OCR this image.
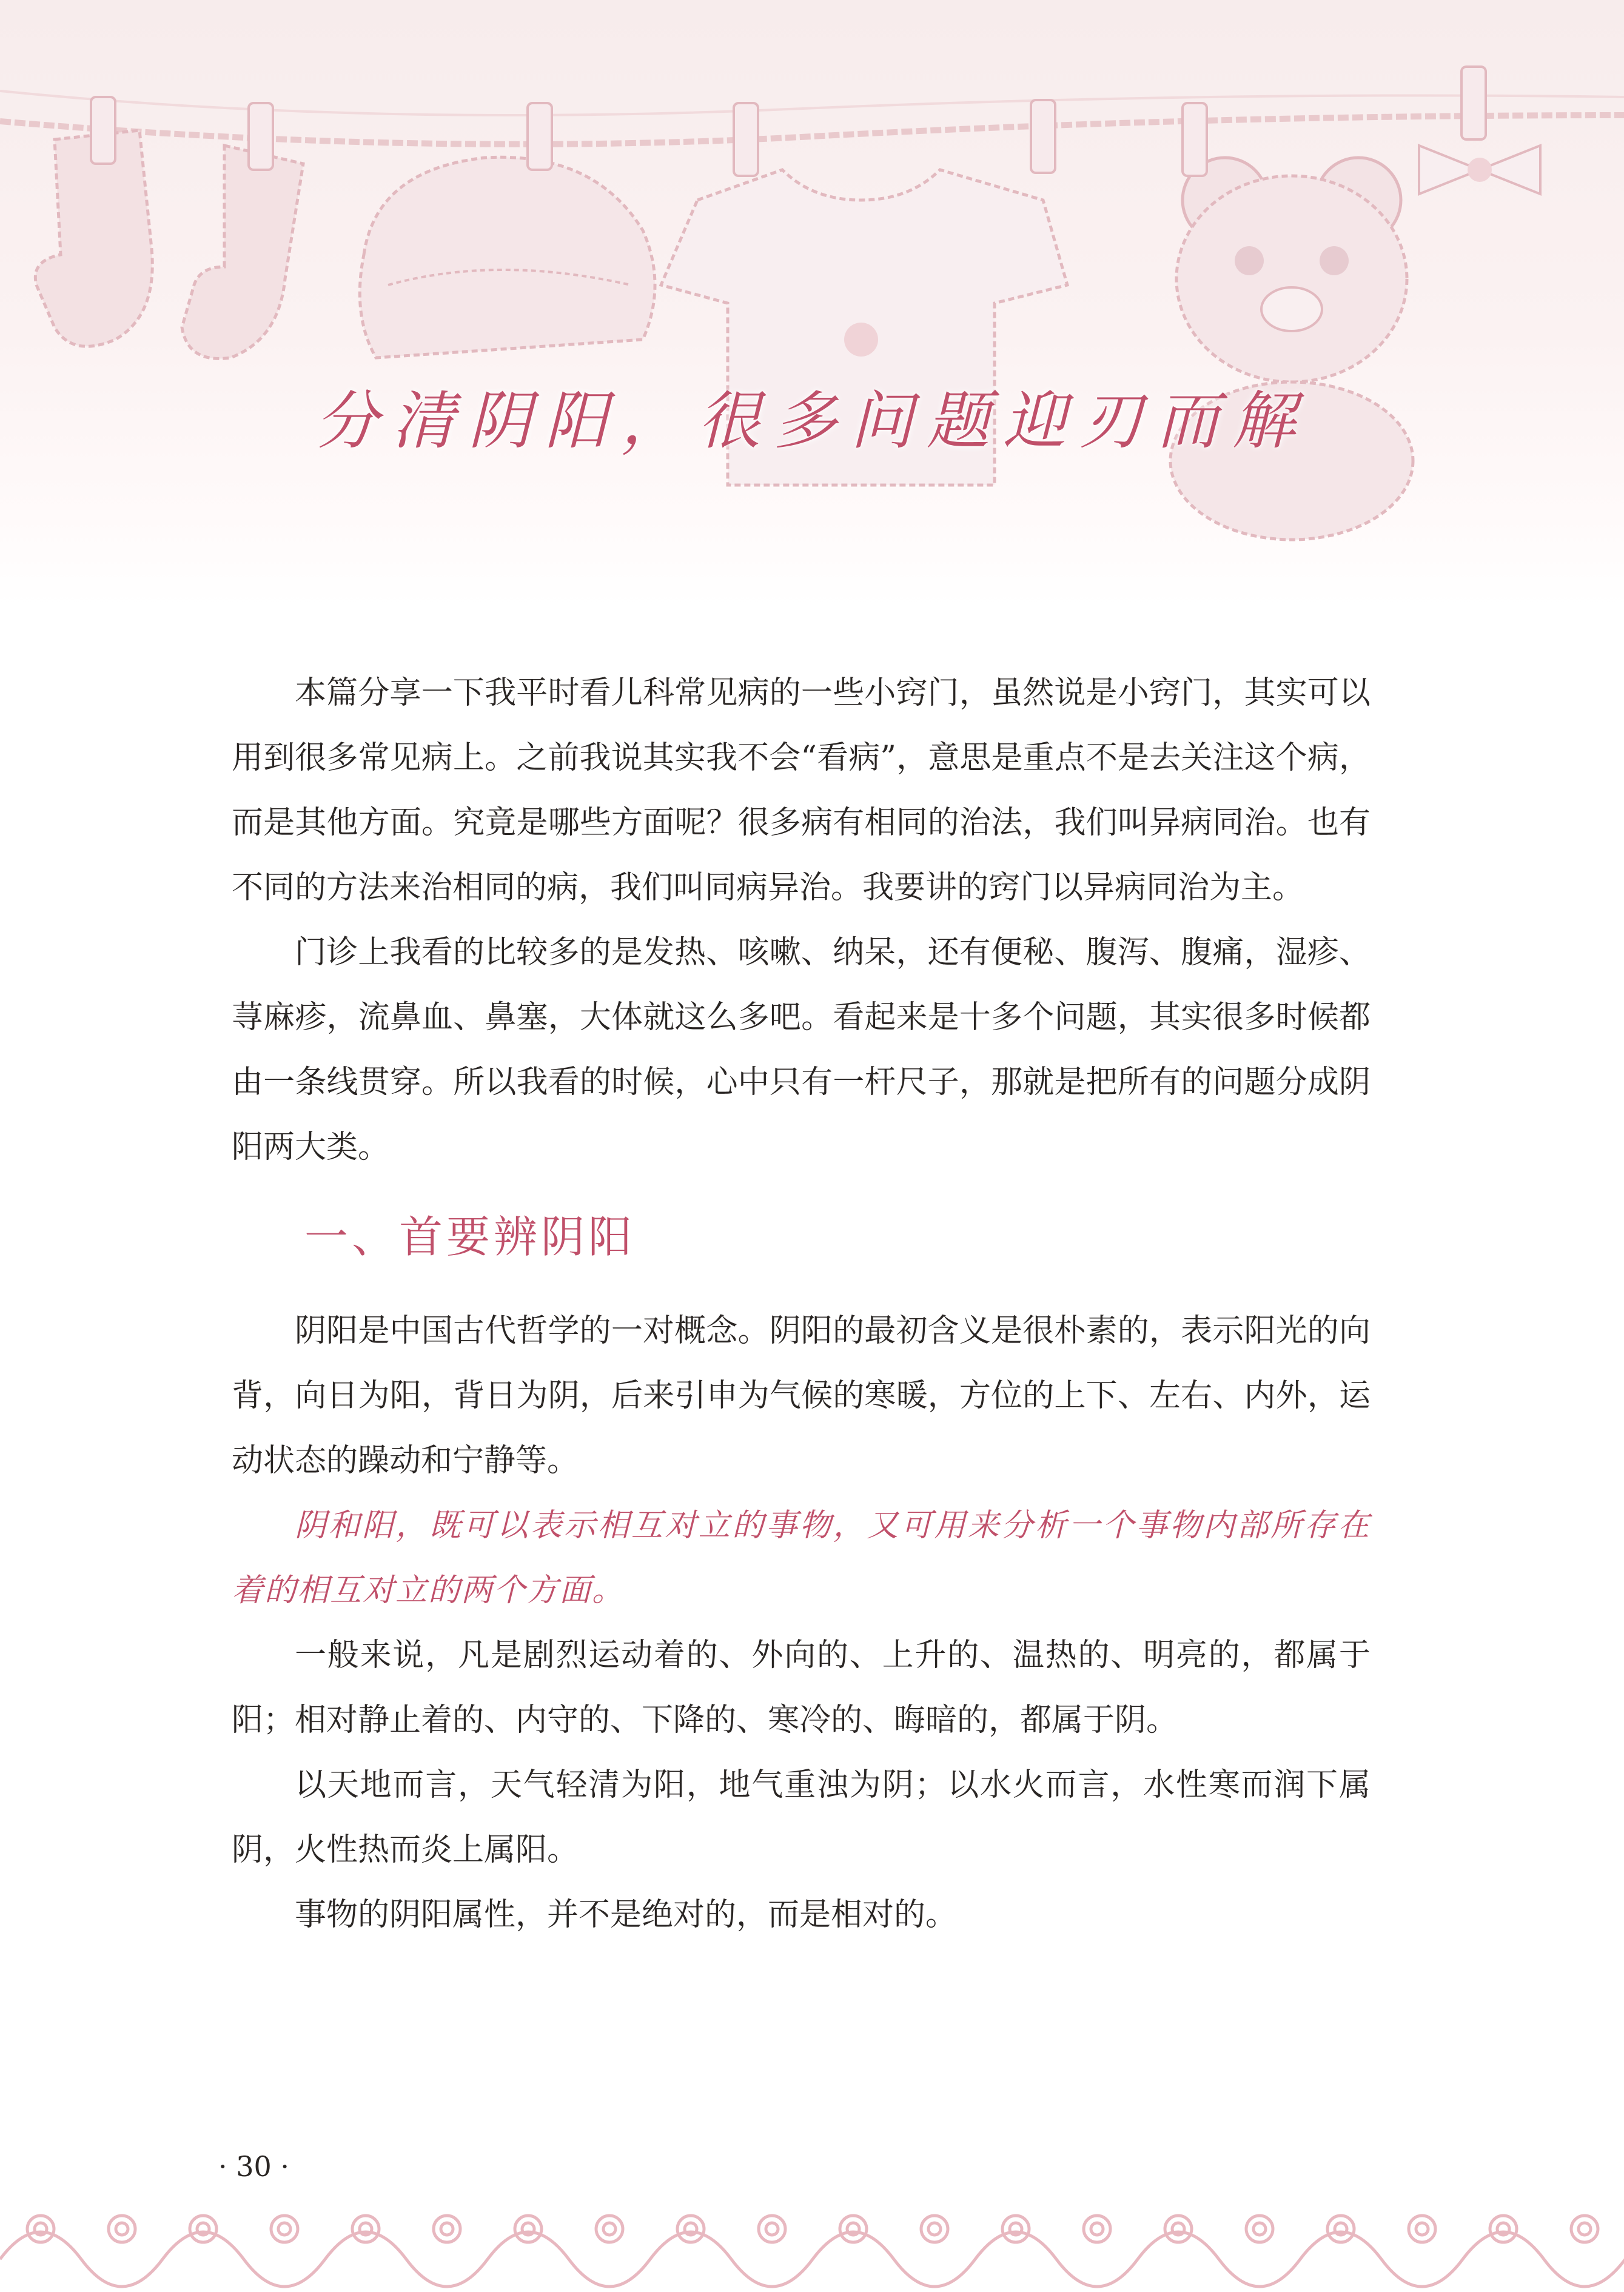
分清阴阳，很多问题迎刃而解

本篇分享一下我平时看儿科常见病的一些小窍门，虽然说是小窍门，其实可以用到很多常见病上。之前我说其实我不会“看病”，意思是重点不是去关注这个病，而是其他方面。究竟是哪些方面呢？很多病有相同的治法，我们叫异病同治。也有不同的方法来治相同的病，我们叫同病异治。我要讲的窍门以异病同治为主。

门诊上我看的比较多的是发热、咳嗽、纳呆，还有便秘、腹泻、腹痛，湿疹、荨麻疹，流鼻血、鼻塞，大体就这么多吧。看起来是十多个问题，其实很多时候都由一条线贯穿。所以我看的时候，心中只有一杆尺子，那就是把所有的问题分成阴阳两大类。

一、首要辨阴阳

阴阳是中国古代哲学的一对概念。阴阳的最初含义是很朴素的，表示阳光的向背，向日为阳，背日为阴，后来引申为气候的寒暖，方位的上下、左右、内外，运动状态的躁动和宁静等。

阴和阳，既可以表示相互对立的事物，又可用来分析一个事物内部所存在着的相互对立的两个方面。

一般来说，凡是剧烈运动着的、外向的、上升的、温热的、明亮的，都属于阳；相对静止着的、内守的、下降的、寒冷的、晦暗的，都属于阴。

以天地而言，天气轻清为阳，地气重浊为阴；以水火而言，水性寒而润下属阴，火性热而炎上属阳。

事物的阴阳属性，并不是绝对的，而是相对的。

· 30 ·
